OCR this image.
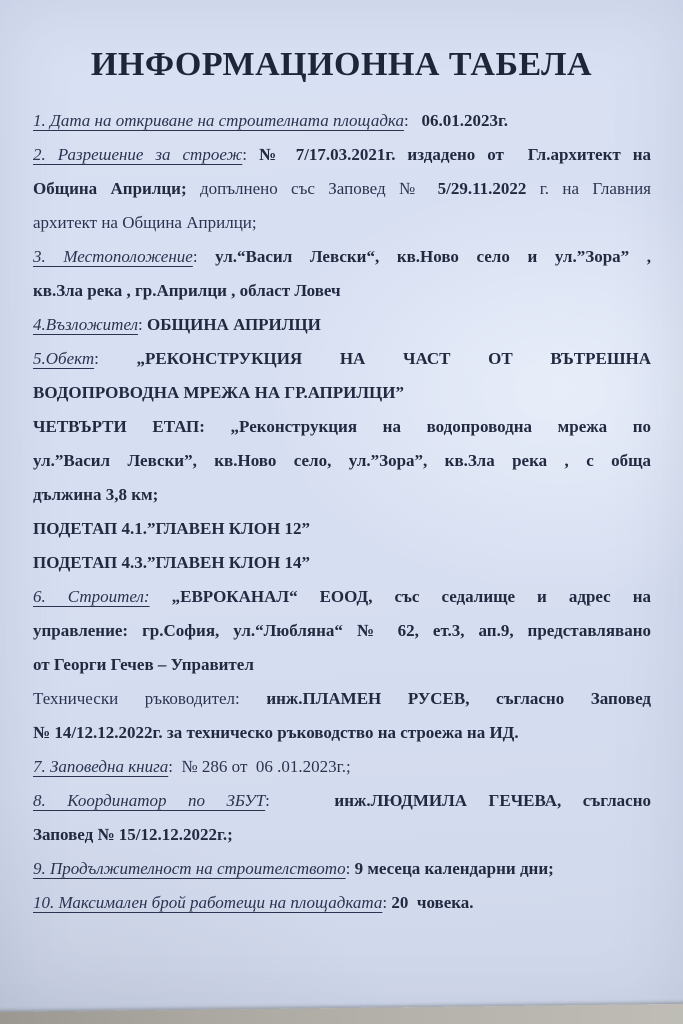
ИНФОРМАЦИОННА ТАБЕЛА

1. Дата на откриване на строителната площадка:   06.01.2023г.

2. Разрешение за строеж: № 7/17.03.2021г. издадено от  Гл.архитект на

Община Априлци; допълнено със Заповед № 5/29.11.2022 г. на Главния

архитект на Община Априлци;

3. Местоположение: ул.“Васил Левски“, кв.Ново село и ул.”Зора” ,

кв.Зла река , гр.Априлци , област Ловеч

4.Възложител: ОБЩИНА АПРИЛЦИ

5.Обект: „РЕКОНСТРУКЦИЯ НА ЧАСТ ОТ ВЪТРЕШНА

ВОДОПРОВОДНА МРЕЖА НА ГР.АПРИЛЦИ”

ЧЕТВЪРТИ ЕТАП: „Реконструкция на водопроводна мрежа по

ул.”Васил Левски”, кв.Ново село, ул.”Зора”, кв.Зла река , с обща

дължина 3,8 км;

ПОДЕТАП 4.1.”ГЛАВЕН КЛОН 12”

ПОДЕТАП 4.3.”ГЛАВЕН КЛОН 14”

6. Строител: „ЕВРОКАНАЛ“ ЕООД, със седалище и адрес на

управление: гр.София, ул.“Любляна“ № 62, ет.3, ап.9, представлявано

от Георги Гечев – Управител

Технически ръководител: инж.ПЛАМЕН РУСЕВ, съгласно Заповед

№ 14/12.12.2022г. за техническо ръководство на строежа на ИД.

7. Заповедна книга:  № 286 от  06 .01.2023г.;

8. Координатор по ЗБУТ:   инж.ЛЮДМИЛА ГЕЧЕВА, съгласно

Заповед № 15/12.12.2022г.;

9. Продължителност на строителството: 9 месеца календарни дни;

10. Максимален брой работещи на площадката: 20  човека.
